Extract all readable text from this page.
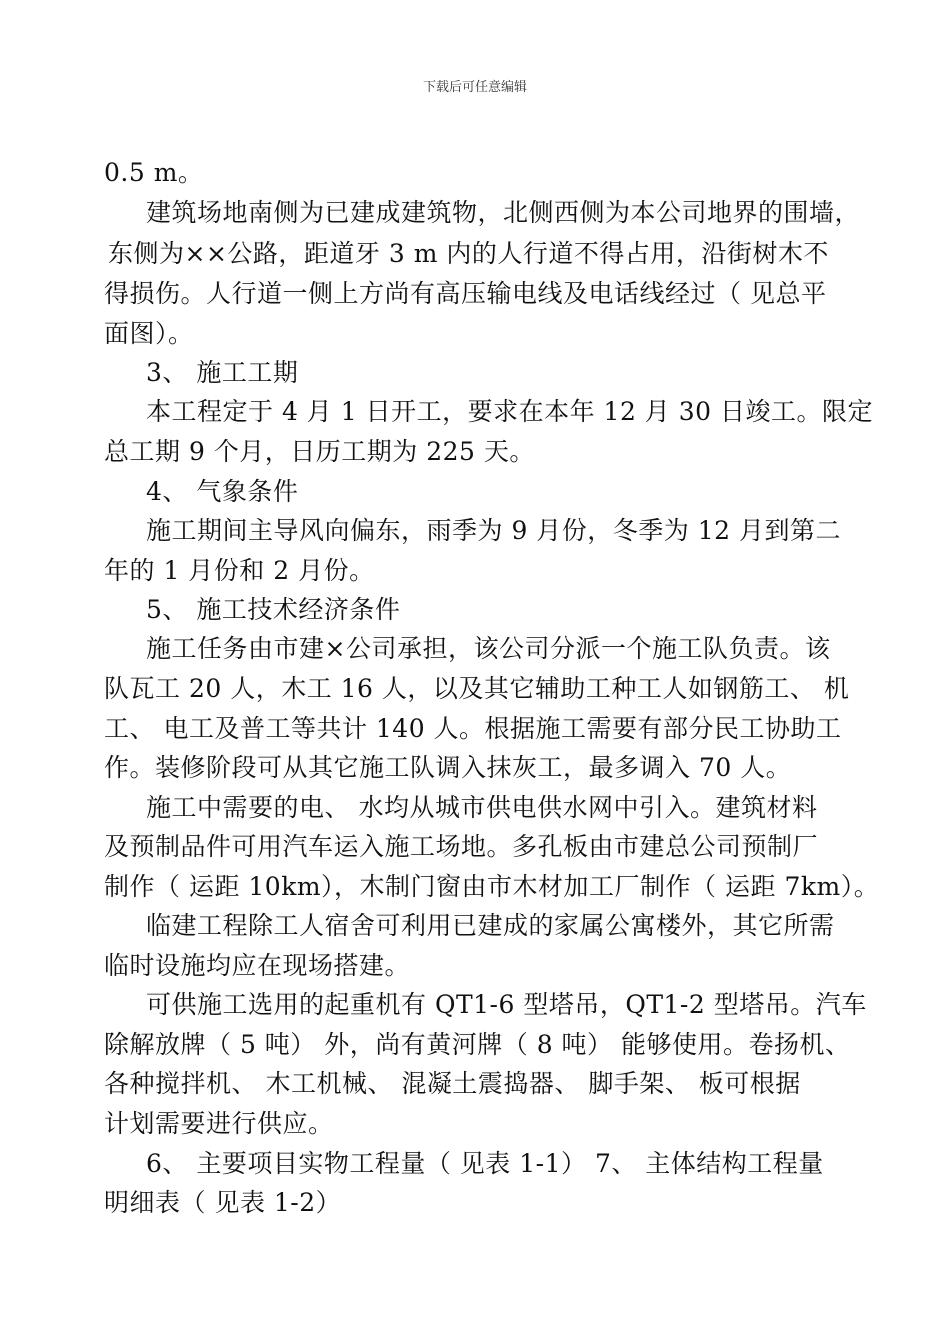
下载后可任意编辑
0.5 m。
建筑场地南侧为已建成建筑物，北侧西侧为本公司地界的围墙，
东侧为××公路，距道牙 3 m 内的人行道不得占用，沿街树木不
得损伤。人行道一侧上方尚有高压输电线及电话线经过（ 见总平
面图）。
3、 施工工期
本工程定于 4 月 1 日开工，要求在本年 12 月 30 日竣工。限定
总工期 9 个月，日历工期为 225 天。
4、 气象条件
施工期间主导风向偏东，雨季为 9 月份，冬季为 12 月到第二
年的 1 月份和 2 月份。
5、 施工技术经济条件
施工任务由市建×公司承担，该公司分派一个施工队负责。该
队瓦工 20 人，木工 16 人，以及其它辅助工种工人如钢筋工、 机
工、 电工及普工等共计 140 人。根据施工需要有部分民工协助工
作。装修阶段可从其它施工队调入抹灰工，最多调入 70 人。
施工中需要的电、 水均从城市供电供水网中引入。建筑材料
及预制品件可用汽车运入施工场地。多孔板由市建总公司预制厂
制作（ 运距 10km），木制门窗由市木材加工厂制作（ 运距 7km）。
临建工程除工人宿舍可利用已建成的家属公寓楼外，其它所需
临时设施均应在现场搭建。
可供施工选用的起重机有 QT1-6 型塔吊，QT1-2 型塔吊。汽车
除解放牌（ 5 吨） 外，尚有黄河牌（ 8 吨） 能够使用。卷扬机、
各种搅拌机、 木工机械、 混凝土震捣器、 脚手架、 板可根据
计划需要进行供应。
6、 主要项目实物工程量（ 见表 1-1） 7、 主体结构工程量
明细表（ 见表 1-2）
